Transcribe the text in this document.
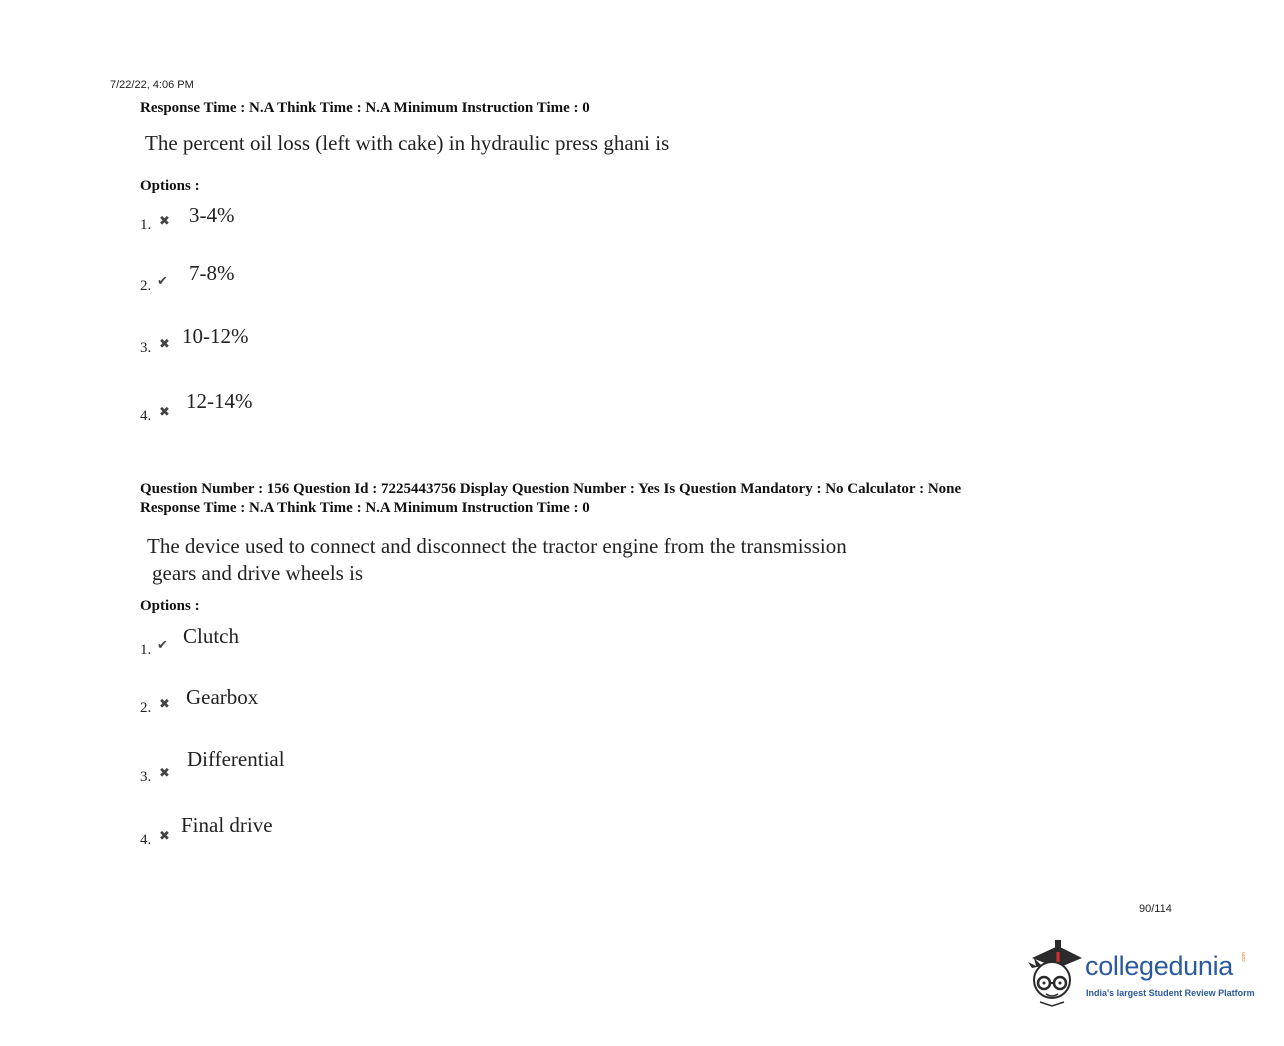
7/22/22, 4:06 PM
Response Time : N.A Think Time : N.A Minimum Instruction Time : 0
The percent oil loss (left with cake) in hydraulic press ghani is
Options :
1. ✖ 3-4%
2. ✔ 7-8%
3. ✖ 10-12%
4. ✖ 12-14%
Question Number : 156 Question Id : 7225443756 Display Question Number : Yes Is Question Mandatory : No Calculator : None
Response Time : N.A Think Time : N.A Minimum Instruction Time : 0
The device used to connect and disconnect the tractor engine from the transmission
gears and drive wheels is
Options :
1. ✔ Clutch
2. ✖ Gearbox
3. ✖
Differential
4. ✖ Final drive
90/114
collegedunia .com
India's largest Student Review Platform
